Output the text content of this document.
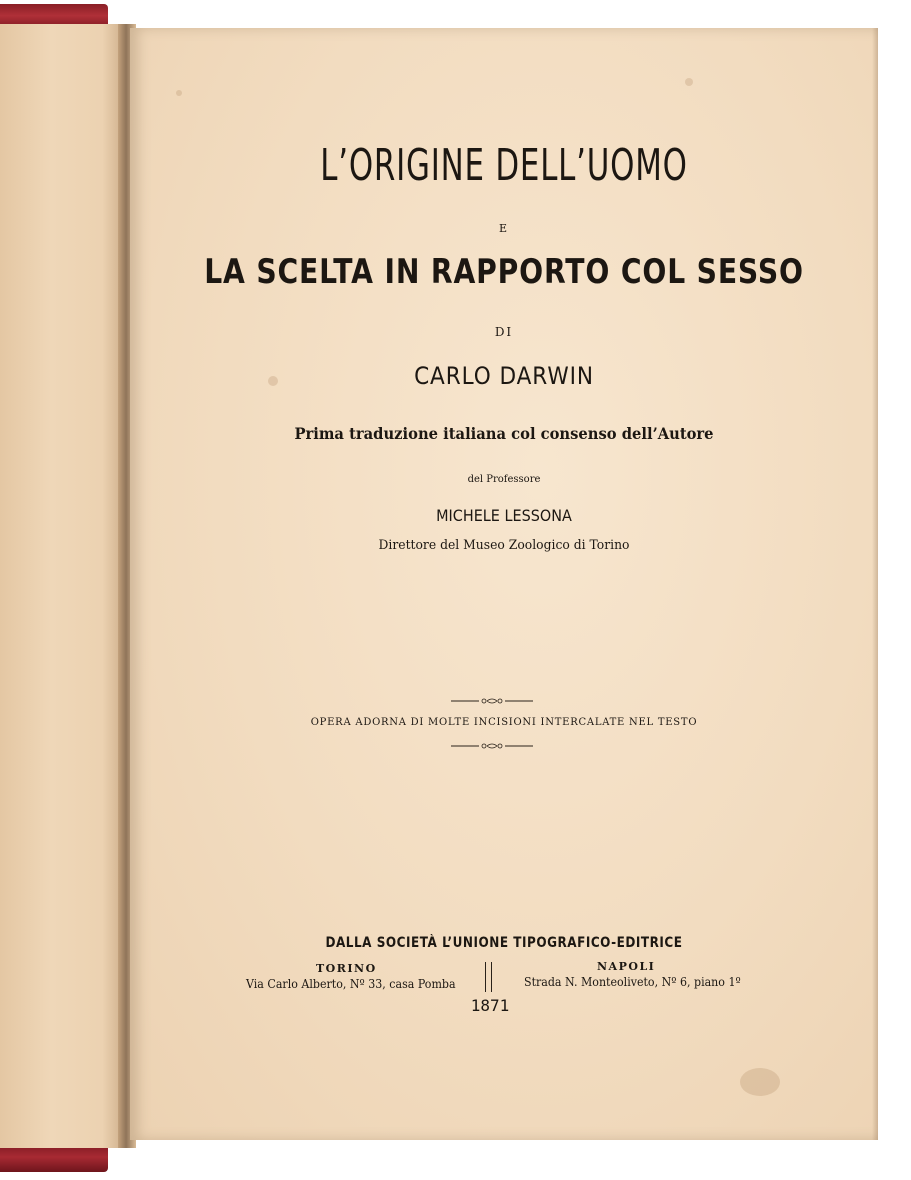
L’ORIGINE DELL’UOMO
E
LA SCELTA IN RAPPORTO COL SESSO
DI
CARLO DARWIN
Prima traduzione italiana col consenso dell’Autore
del Professore
MICHELE LESSONA
Direttore del Museo Zoologico di Torino
OPERA ADORNA DI MOLTE INCISIONI INTERCALATE NEL TESTO
DALLA SOCIETÀ L’UNIONE TIPOGRAFICO-EDITRICE
TORINO
Via Carlo Alberto, Nº 33, casa Pomba
NAPOLI
Strada N. Monteoliveto, Nº 6, piano 1º
1871
